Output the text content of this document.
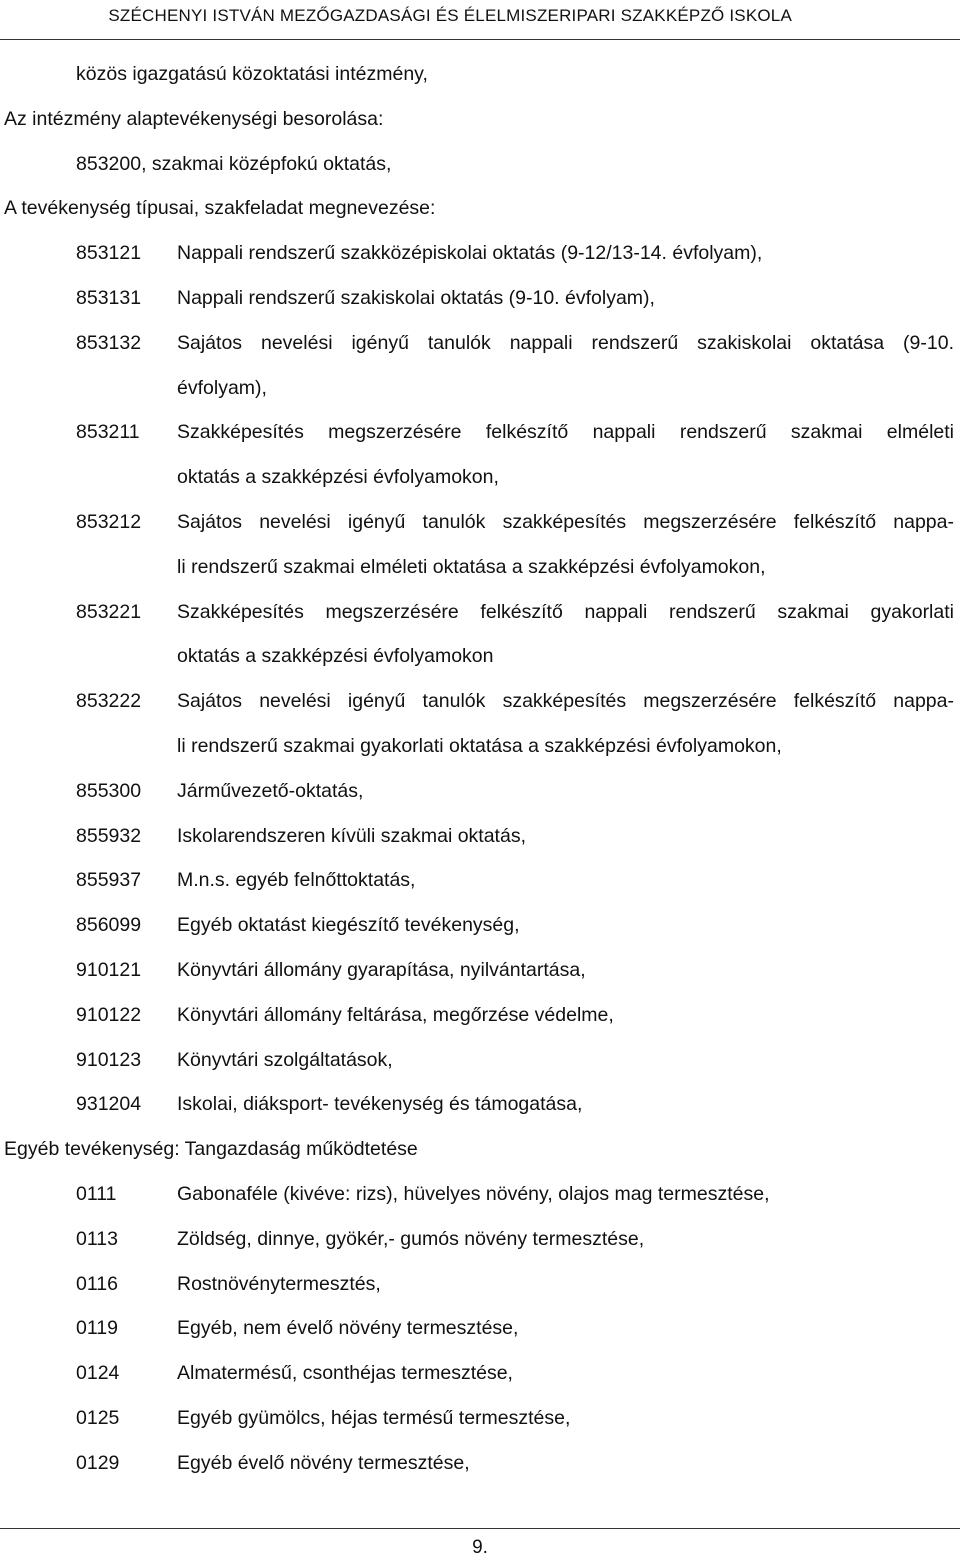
SZÉCHENYI ISTVÁN MEZŐGAZDASÁGI ÉS ÉLELMISZERIPARI SZAKKÉPZŐ ISKOLA
közös igazgatású közoktatási intézmény,
Az intézmény alaptevékenységi besorolása:
853200, szakmai középfokú oktatás,
A tevékenység típusai, szakfeladat megnevezése:
853121	Nappali rendszerű szakközépiskolai oktatás (9-12/13-14. évfolyam),
853131	Nappali rendszerű szakiskolai oktatás (9-10. évfolyam),
853132	Sajátos nevelési igényű tanulók nappali rendszerű szakiskolai oktatása (9-10.
évfolyam),
853211	Szakképesítés megszerzésére felkészítő nappali rendszerű szakmai elméleti
oktatás a szakképzési évfolyamokon,
853212	Sajátos nevelési igényű tanulók szakképesítés megszerzésére felkészítő nappa-
li rendszerű szakmai elméleti oktatása a szakképzési évfolyamokon,
853221	Szakképesítés megszerzésére felkészítő nappali rendszerű szakmai gyakorlati
oktatás a szakképzési évfolyamokon
853222	Sajátos nevelési igényű tanulók szakképesítés megszerzésére felkészítő nappa-
li rendszerű szakmai gyakorlati oktatása a szakképzési évfolyamokon,
855300	Járművezető-oktatás,
855932	Iskolarendszeren kívüli szakmai oktatás,
855937	M.n.s. egyéb felnőttoktatás,
856099	Egyéb oktatást kiegészítő tevékenység,
910121	Könyvtári állomány gyarapítása, nyilvántartása,
910122	Könyvtári állomány feltárása, megőrzése védelme,
910123	Könyvtári szolgáltatások,
931204	Iskolai, diáksport- tevékenység és támogatása,
Egyéb tevékenység: Tangazdaság működtetése
0111	Gabonaféle (kivéve: rizs), hüvelyes növény, olajos mag termesztése,
0113	Zöldség, dinnye, gyökér,- gumós növény termesztése,
0116	Rostnövénytermesztés,
0119	Egyéb, nem évelő növény termesztése,
0124	Almatermésű, csonthéjas termesztése,
0125	Egyéb gyümölcs, héjas termésű termesztése,
0129	Egyéb évelő növény termesztése,
9.
